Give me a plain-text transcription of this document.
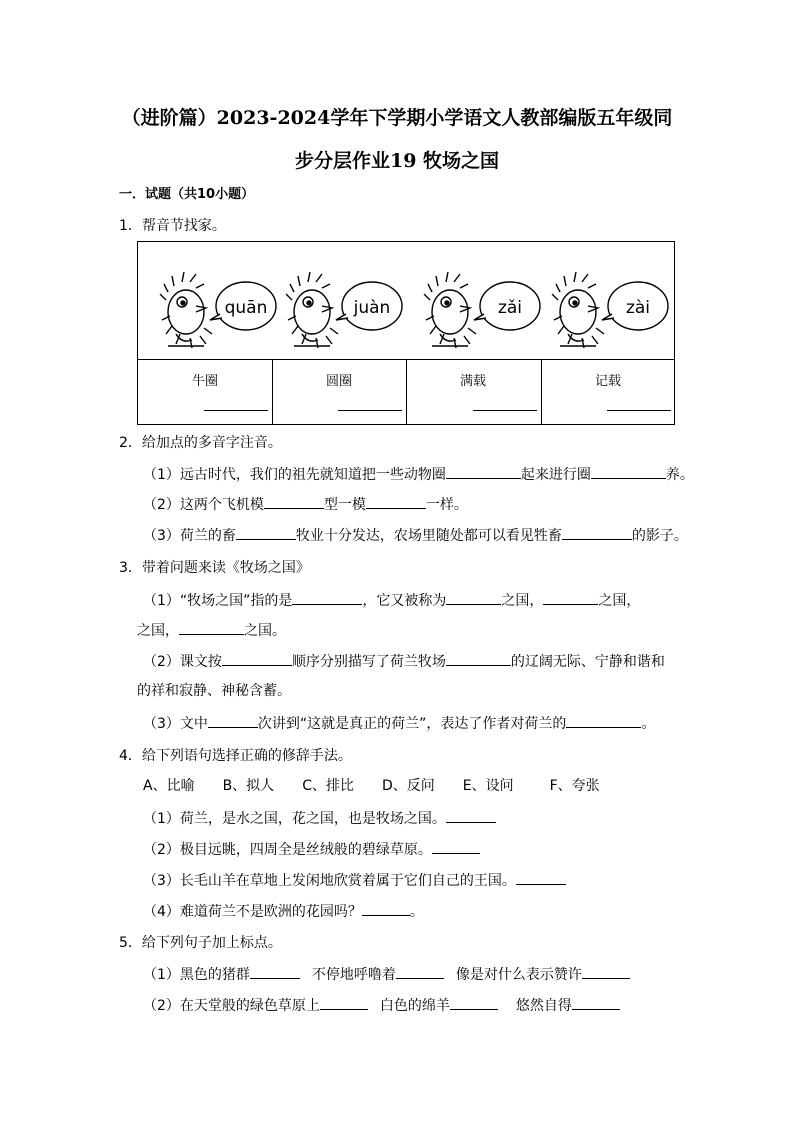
（进阶篇）2023-2024学年下学期小学语文人教部编版五年级同
步分层作业19 牧场之国
一．试题（共10小题）
1．帮音节找家。
quān	juàn	zǎi	zài
牛圈	圆圈	满载	记载
2．给加点的多音字注音。
（1）远古时代，我们的祖先就知道把一些动物圈	起来进行圈	养。
（2）这两个飞机模	型一模	一样。
（3）荷兰的畜	牧业十分发达，农场里随处都可以看见牲畜	的影子。
3．带着问题来读《牧场之国》
（1）“牧场之国”指的是	，它又被称为	之国，	之国，
之国，	之国。
（2）课文按	顺序分别描写了荷兰牧场	的辽阔无际、宁静和谐和
的祥和寂静、神秘含蓄。
（3）文中	次讲到“这就是真正的荷兰”，表达了作者对荷兰的	。
4．给下列语句选择正确的修辞手法。
A、比喻 B、拟人 C、排比 D、反问 E、设问	F、夸张
（1）荷兰，是水之国，花之国，也是牧场之国。
（2）极目远眺，四周全是丝绒般的碧绿草原。
（3）长毛山羊在草地上发闲地欣赏着属于它们自己的王国。
（4）难道荷兰不是欧洲的花园吗？	。
5．给下列句子加上标点。
（1）黑色的猪群	不停地呼噜着	像是对什么表示赞许
（2）在天堂般的绿色草原上	白色的绵羊	悠然自得
